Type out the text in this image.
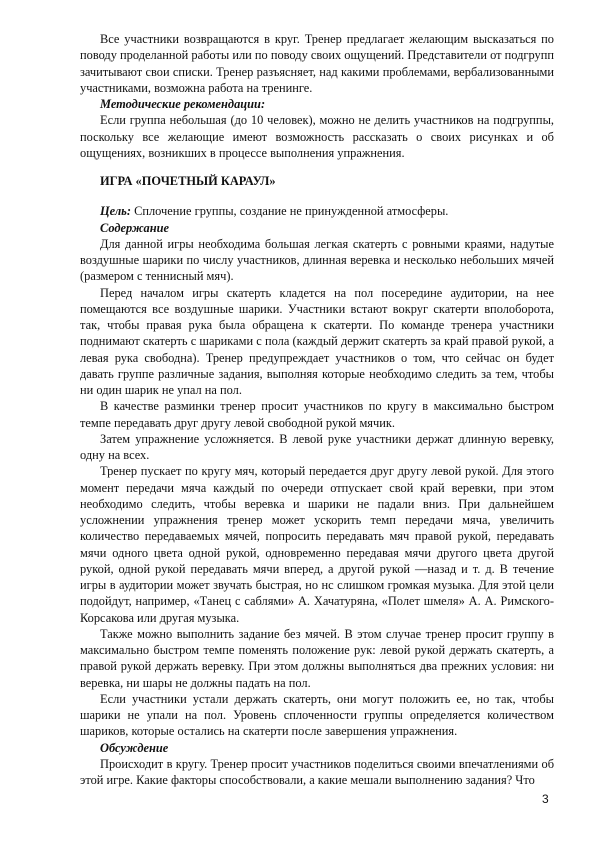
Все участники возвращаются в круг. Тренер предлагает желающим высказаться по поводу проделанной работы или по поводу своих ощущений. Представители от подгрупп зачитывают свои списки. Тренер разъясняет, над какими проблемами, вербализованными участниками, возможна работа на тренинге.

Методические рекомендации:

Если группа небольшая (до 10 человек), можно не делить участников на подгруппы, поскольку все желающие имеют возможность рассказать о своих рисунках и об ощущениях, возникших в процессе выполнения упражнения.

ИГРА «ПОЧЕТНЫЙ КАРАУЛ»

Цель: Сплочение группы, создание не принужденной атмосферы.

Содержание

Для данной игры необходима большая легкая скатерть с ровными краями, надутые воздушные шарики по числу участников, длинная веревка и несколько небольших мячей (размером с теннисный мяч).

Перед началом игры скатерть кладется на пол посередине аудитории, на нее помещаются все воздушные шарики. Участники встают вокруг скатерти вполоборота, так, чтобы правая рука была обращена к скатерти. По команде тренера участники поднимают скатерть с шариками с пола (каждый держит скатерть за край правой рукой, а левая рука свободна). Тренер предупреждает участников о том, что сейчас он будет давать группе различные задания, выполняя которые необходимо следить за тем, чтобы ни один шарик не упал на пол.

В качестве разминки тренер просит участников по кругу в максимально быстром темпе передавать друг другу левой свободной рукой мячик.

Затем упражнение усложняется. В левой руке участники держат длинную веревку, одну на всех.

Тренер пускает по кругу мяч, который передается друг другу левой рукой. Для этого момент передачи мяча каждый по очереди отпускает свой край веревки, при этом необходимо следить, чтобы веревка и шарики не падали вниз. При дальнейшем усложнении упражнения тренер может ускорить темп передачи мяча, увеличить количество передаваемых мячей, попросить передавать мяч правой рукой, передавать мячи одного цвета одной рукой, одновременно передавая мячи другого цвета другой рукой, одной рукой передавать мячи вперед, а другой рукой —назад и т. д. В течение игры в аудитории может звучать быстрая, но нс слишком громкая музыка. Для этой цели подойдут, например, «Танец с саблями» А. Хачатуряна, «Полет шмеля» А. А. Римского-Корсакова или другая музыка.

Также можно выполнить задание без мячей. В этом случае тренер просит группу в максимально быстром темпе поменять положение рук: левой рукой держать скатерть, а правой рукой держать веревку. При этом должны выполняться два прежних условия: ни веревка, ни шары не должны падать на пол.

Если участники устали держать скатерть, они могут положить ее, но так, чтобы шарики не упали на пол. Уровень сплоченности группы определяется количеством шариков, которые остались на скатерти после завершения упражнения.

Обсуждение

Происходит в кругу. Тренер просит участников поделиться своими впечатлениями об этой игре. Какие факторы способствовали, а какие мешали выполнению задания? Что

3
